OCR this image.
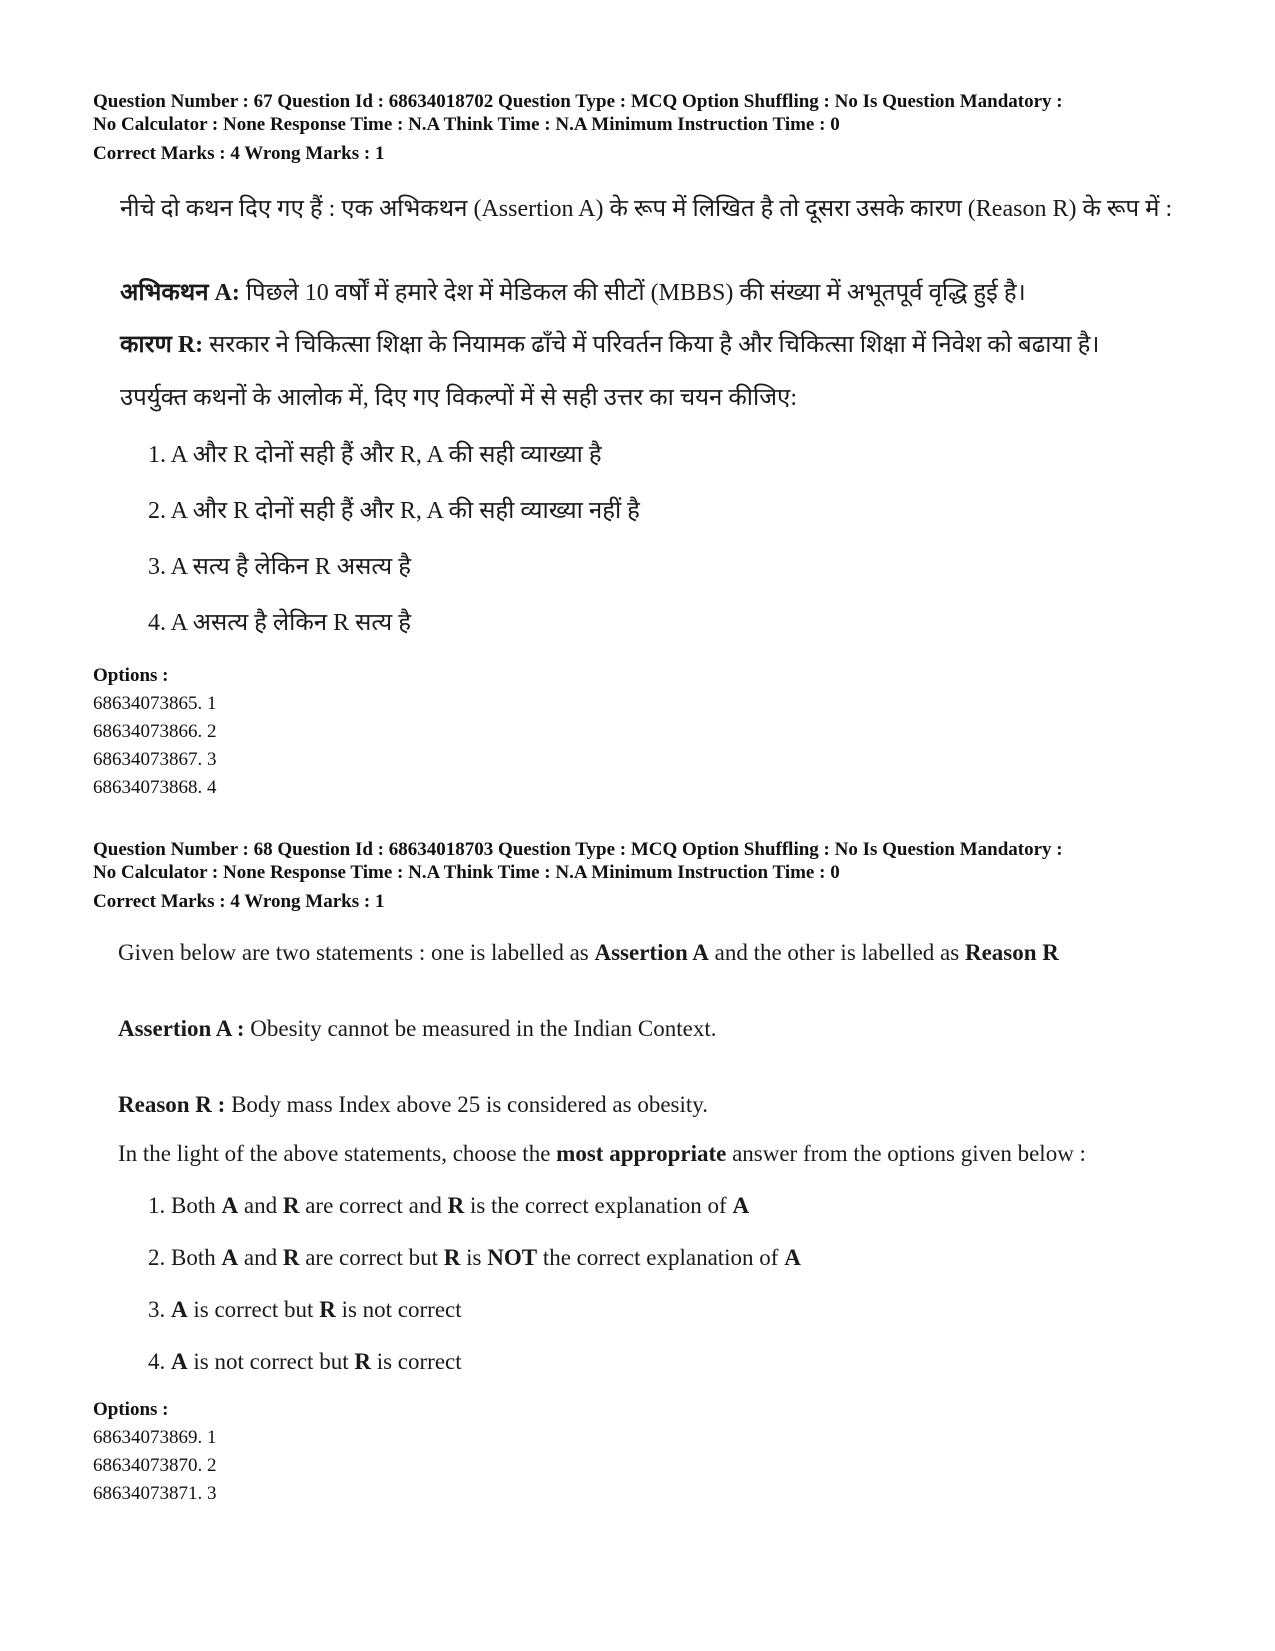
Question Number : 67 Question Id : 68634018702 Question Type : MCQ Option Shuffling : No Is Question Mandatory :
No Calculator : None Response Time : N.A Think Time : N.A Minimum Instruction Time : 0
Correct Marks : 4 Wrong Marks : 1
नीचे दो कथन दिए गए हैं : एक अभिकथन (Assertion A) के रूप में लिखित है तो दूसरा उसके कारण (Reason R) के रूप में :
अभिकथन A: पिछले 10 वर्षों में हमारे देश में मेडिकल की सीटों (MBBS) की संख्या में अभूतपूर्व वृद्धि हुई है।
कारण R: सरकार ने चिकित्सा शिक्षा के नियामक ढाँचे में परिवर्तन किया है और चिकित्सा शिक्षा में निवेश को बढाया है।
उपर्युक्त कथनों के आलोक में, दिए गए विकल्पों में से सही उत्तर का चयन कीजिए:
1. A और R दोनों सही हैं और R, A की सही व्याख्या है
2. A और R दोनों सही हैं और R, A की सही व्याख्या नहीं है
3. A सत्य है लेकिन R असत्य है
4. A असत्य है लेकिन R सत्य है
Options :
68634073865. 1
68634073866. 2
68634073867. 3
68634073868. 4
Question Number : 68 Question Id : 68634018703 Question Type : MCQ Option Shuffling : No Is Question Mandatory :
No Calculator : None Response Time : N.A Think Time : N.A Minimum Instruction Time : 0
Correct Marks : 4 Wrong Marks : 1
Given below are two statements : one is labelled as Assertion A and the other is labelled as Reason R
Assertion A : Obesity cannot be measured in the Indian Context.
Reason R : Body mass Index above 25 is considered as obesity.
In the light of the above statements, choose the most appropriate answer from the options given below :
1. Both A and R are correct and R is the correct explanation of A
2. Both A and R are correct but R is NOT the correct explanation of A
3. A is correct but R is not correct
4. A is not correct but R is correct
Options :
68634073869. 1
68634073870. 2
68634073871. 3
